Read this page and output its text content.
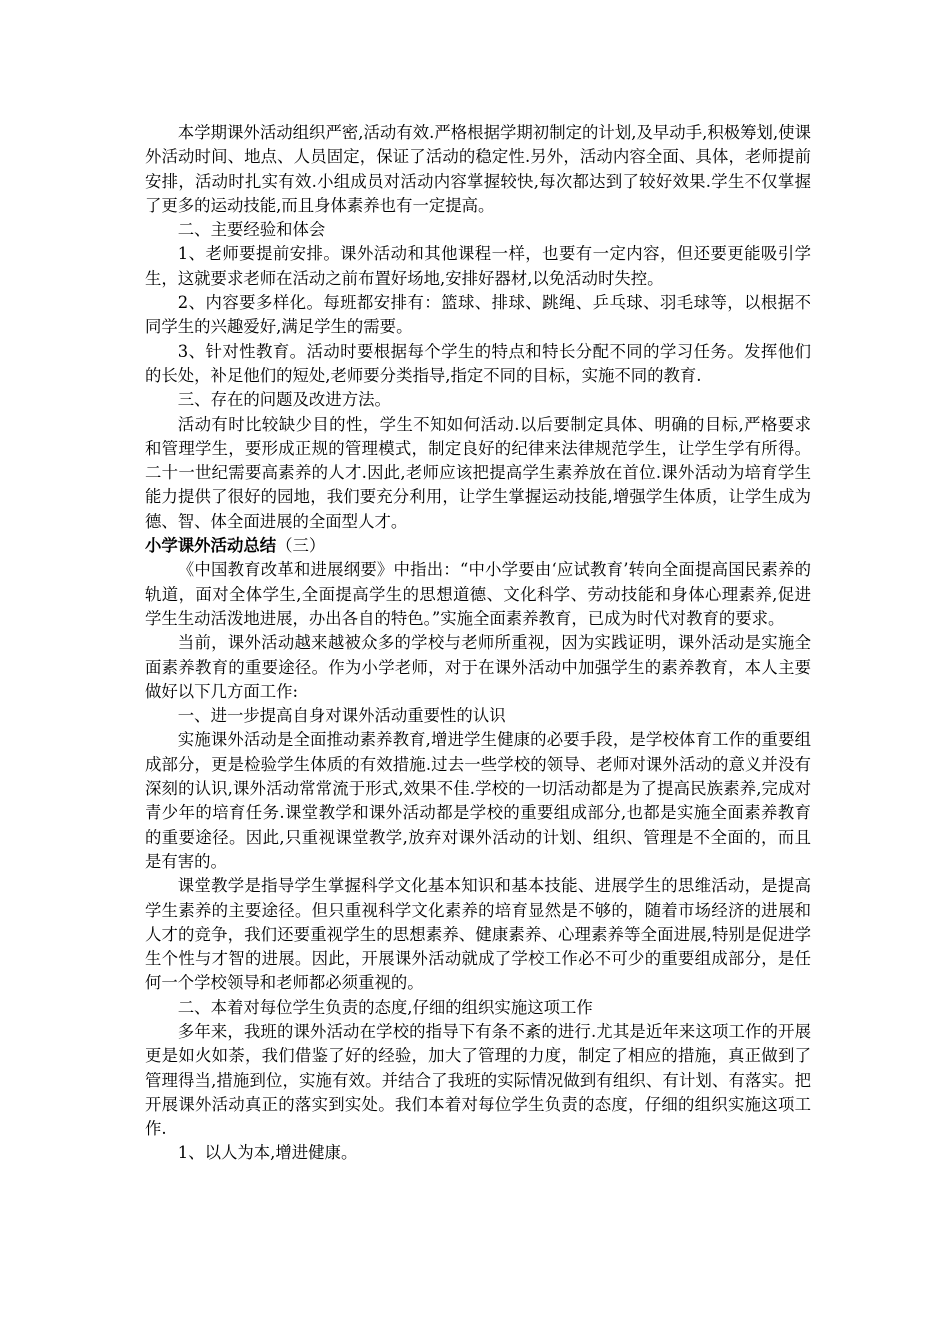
本学期课外活动组织严密,活动有效.严格根据学期初制定的计划,及早动手,积极筹划,使课外活动时间、地点、人员固定，保证了活动的稳定性.另外，活动内容全面、具体，老师提前安排，活动时扎实有效.小组成员对活动内容掌握较快,每次都达到了较好效果.学生不仅掌握了更多的运动技能,而且身体素养也有一定提高。

二、主要经验和体会

1、老师要提前安排。课外活动和其他课程一样，也要有一定内容，但还要更能吸引学生，这就要求老师在活动之前布置好场地,安排好器材,以免活动时失控。

2、内容要多样化。每班都安排有：篮球、排球、跳绳、乒乓球、羽毛球等，以根据不同学生的兴趣爱好,满足学生的需要。

3、针对性教育。活动时要根据每个学生的特点和特长分配不同的学习任务。发挥他们的长处，补足他们的短处,老师要分类指导,指定不同的目标，实施不同的教育.

三、存在的问题及改进方法。

活动有时比较缺少目的性，学生不知如何活动.以后要制定具体、明确的目标,严格要求和管理学生，要形成正规的管理模式，制定良好的纪律来法律规范学生，让学生学有所得。二十一世纪需要高素养的人才.因此,老师应该把提高学生素养放在首位.课外活动为培育学生能力提供了很好的园地，我们要充分利用，让学生掌握运动技能,增强学生体质，让学生成为德、智、体全面进展的全面型人才。

小学课外活动总结（三）

《中国教育改革和进展纲要》中指出：“中小学要由‘应试教育’转向全面提高国民素养的轨道，面对全体学生,全面提高学生的思想道德、文化科学、劳动技能和身体心理素养,促进学生生动活泼地进展，办出各自的特色。”实施全面素养教育，已成为时代对教育的要求。

当前，课外活动越来越被众多的学校与老师所重视，因为实践证明，课外活动是实施全面素养教育的重要途径。作为小学老师，对于在课外活动中加强学生的素养教育，本人主要做好以下几方面工作:

一、进一步提高自身对课外活动重要性的认识

实施课外活动是全面推动素养教育,增进学生健康的必要手段，是学校体育工作的重要组成部分，更是检验学生体质的有效措施.过去一些学校的领导、老师对课外活动的意义并没有深刻的认识,课外活动常常流于形式,效果不佳.学校的一切活动都是为了提高民族素养,完成对青少年的培育任务.课堂教学和课外活动都是学校的重要组成部分,也都是实施全面素养教育的重要途径。因此,只重视课堂教学,放弃对课外活动的计划、组织、管理是不全面的，而且是有害的。

课堂教学是指导学生掌握科学文化基本知识和基本技能、进展学生的思维活动，是提高学生素养的主要途径。但只重视科学文化素养的培育显然是不够的，随着市场经济的进展和人才的竞争，我们还要重视学生的思想素养、健康素养、心理素养等全面进展,特别是促进学生个性与才智的进展。因此，开展课外活动就成了学校工作必不可少的重要组成部分，是任何一个学校领导和老师都必须重视的。

二、本着对每位学生负责的态度,仔细的组织实施这项工作

多年来，我班的课外活动在学校的指导下有条不紊的进行.尤其是近年来这项工作的开展更是如火如荼，我们借鉴了好的经验，加大了管理的力度，制定了相应的措施，真正做到了管理得当,措施到位，实施有效。并结合了我班的实际情况做到有组织、有计划、有落实。把开展课外活动真正的落实到实处。我们本着对每位学生负责的态度，仔细的组织实施这项工作.

1、以人为本,增进健康。
